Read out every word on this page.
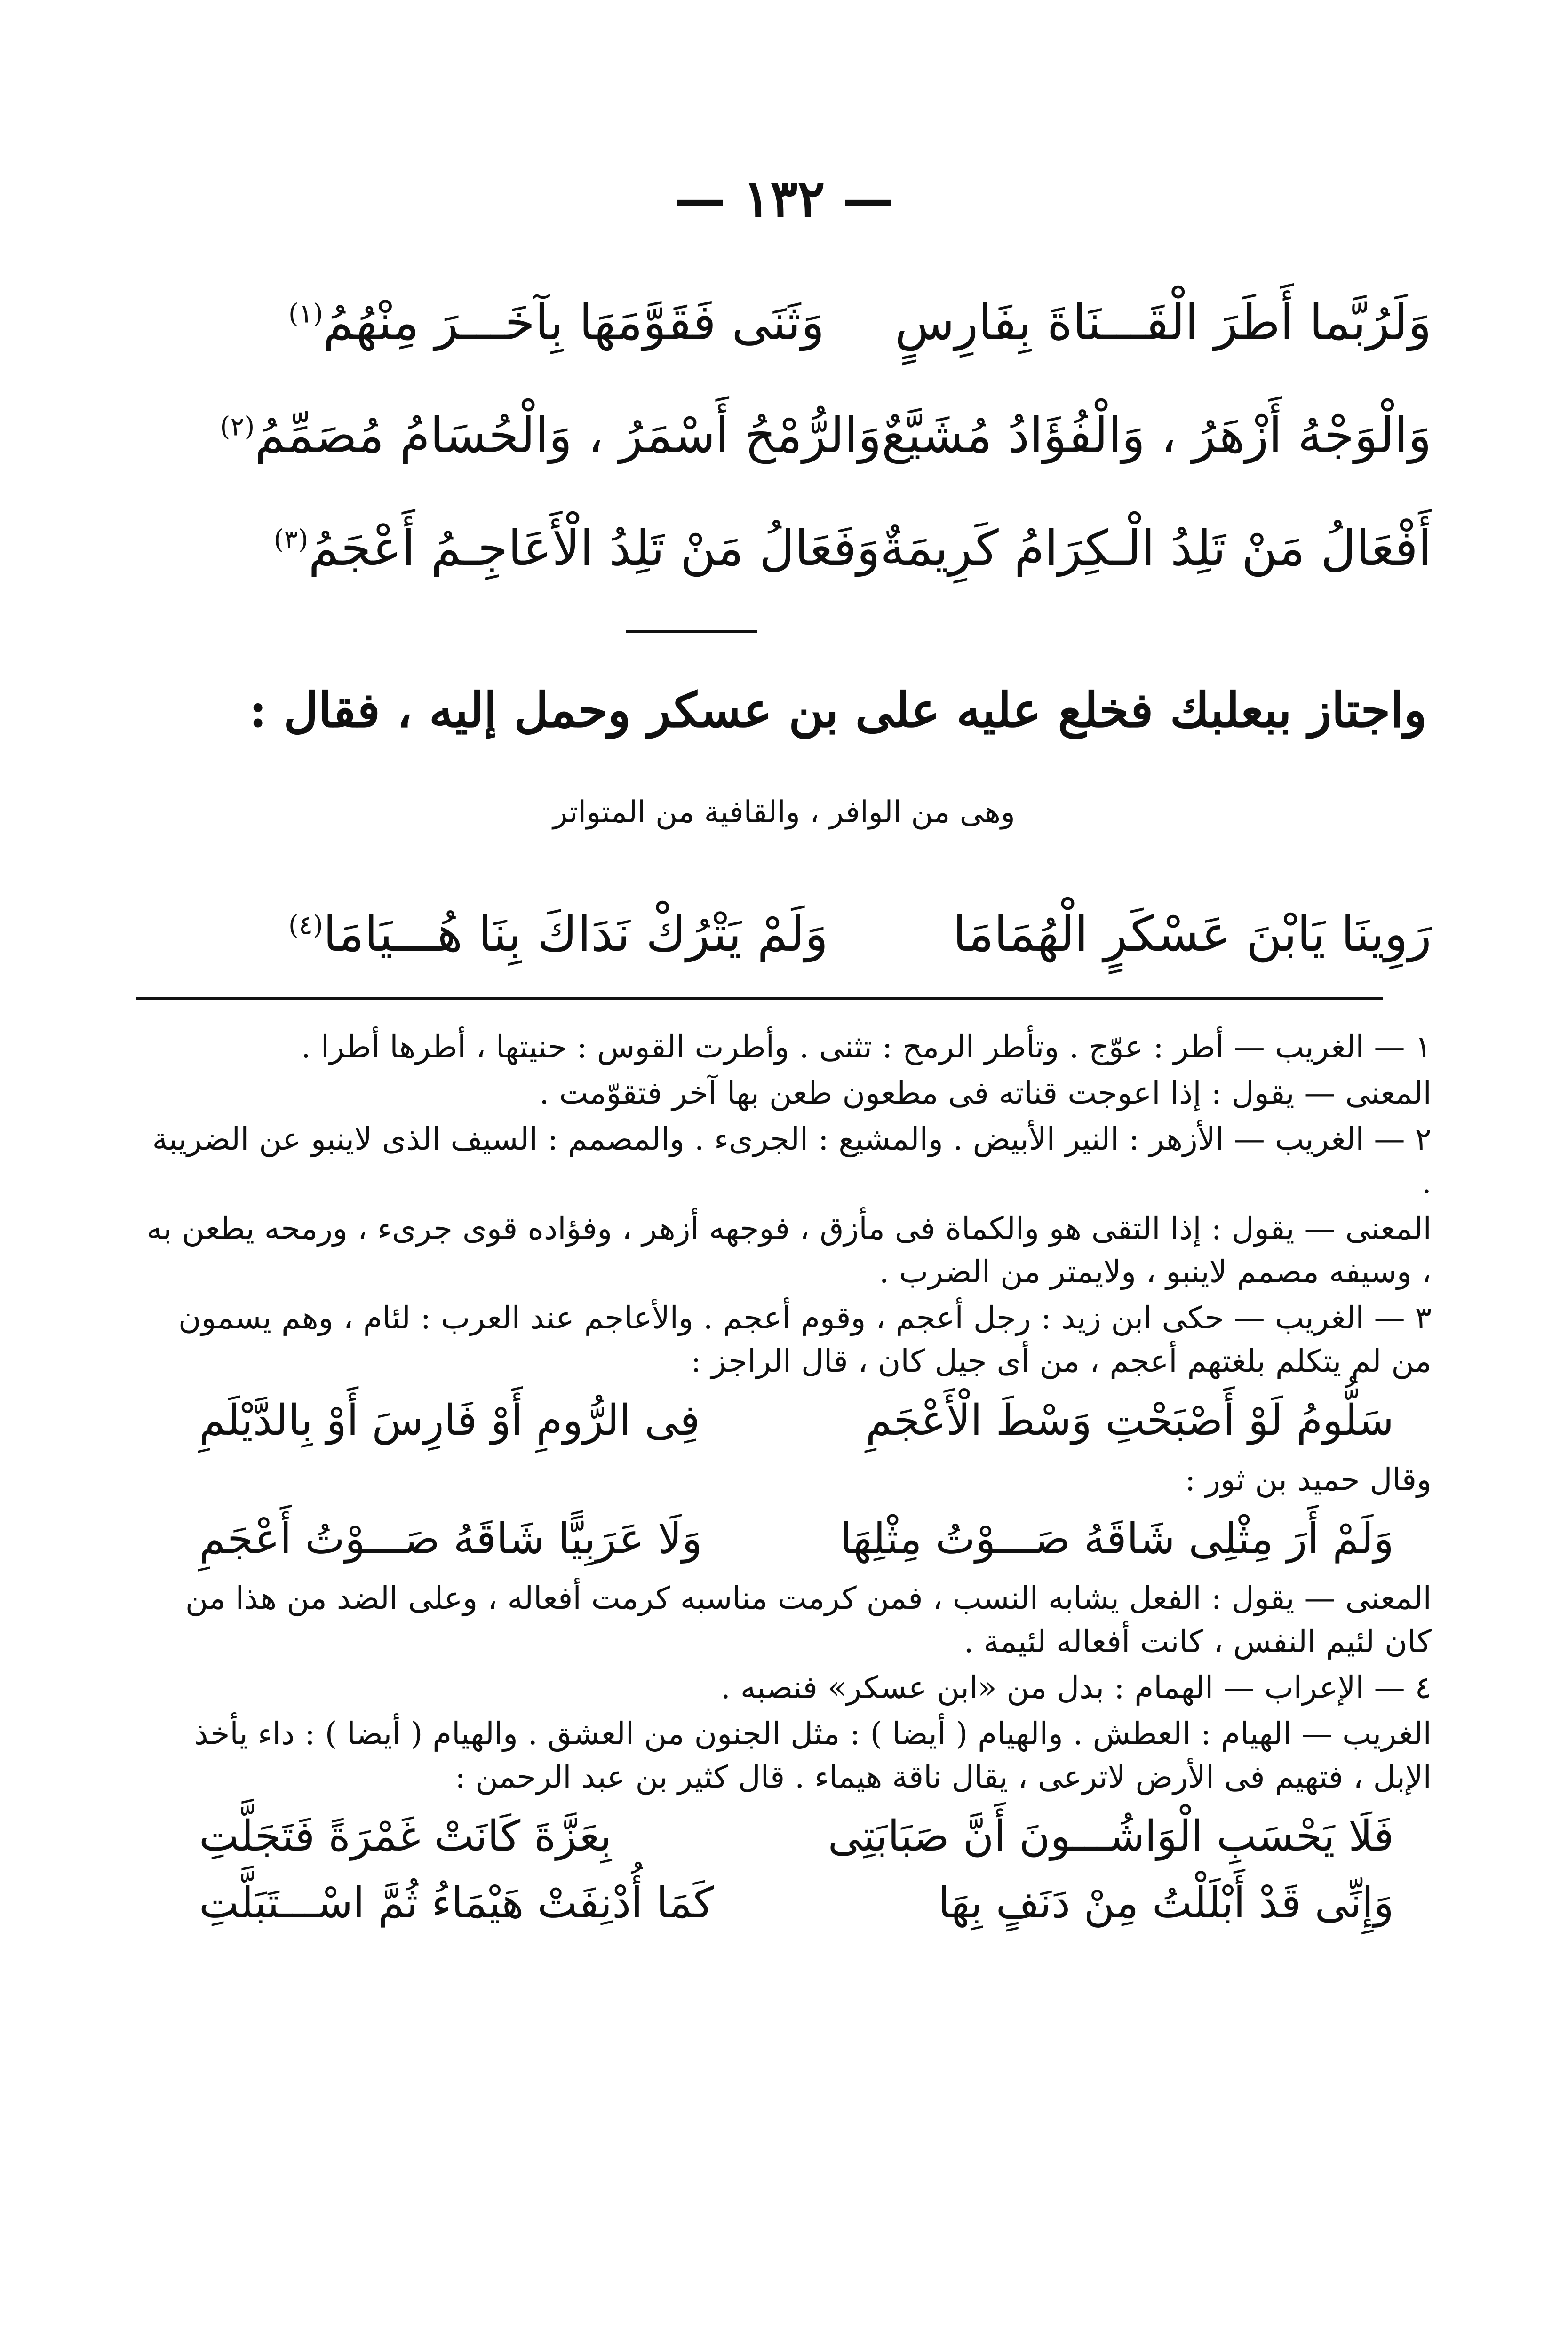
— ١٣٢ —
وَلَرُبَّما أَطَرَ الْقَـــنَاةَ بِفَارِسٍ
وَثَنَى فَقَوَّمَهَا بِآخَـــرَ مِنْهُمُ$^{(١)}$
وَالْوَجْهُ أَزْهَرُ ، وَالْفُؤَادُ مُشَيَّعٌ
وَالرُّمْحُ أَسْمَرُ ، وَالْحُسَامُ مُصَمِّمُ$^{(٢)}$
أَفْعَالُ مَنْ تَلِدُ الْـكِرَامُ كَرِيمَةٌ
وَفَعَالُ مَنْ تَلِدُ الْأَعَاجِـمُ أَعْجَمُ$^{(٣)}$
واجتاز ببعلبك فخلع عليه على بن عسكر وحمل إليه ، فقال :
وهى من الوافر ، والقافية من المتواتر
رَوِينَا يَابْنَ عَسْكَرٍ الْهُمَامَا
وَلَمْ يَتْرُكْ نَدَاكَ بِنَا هُـــيَامَا$^{(٤)}$

١ — الغريب — أطر : عوّج . وتأطر الرمح : تثنى . وأطرت القوس : حنيتها ، أطرها أطرا .

المعنى — يقول : إذا اعوجت قناته فى مطعون طعن بها آخر فتقوّمت .

٢ — الغريب — الأزهر : النير الأبيض . والمشيع : الجرىء . والمصمم : السيف الذى لاينبو عن الضريبة .

المعنى — يقول : إذا التقى هو والكماة فى مأزق ، فوجهه أزهر ، وفؤاده قوى جرىء ، ورمحه يطعن به ، وسيفه مصمم لاينبو ، ولايمتر من الضرب .

٣ — الغريب — حكى ابن زيد : رجل أعجم ، وقوم أعجم . والأعاجم عند العرب : لئام ، وهم يسمون من لم يتكلم بلغتهم أعجم ، من أى جيل كان ، قال الراجز :

سَلُّومُ لَوْ أَصْبَحْتِ وَسْطَ الْأَعْجَمِ
فِى الرُّومِ أَوْ فَارِسَ أَوْ بِالدَّيْلَمِ

وقال حميد بن ثور :

وَلَمْ أَرَ مِثْلِى شَاقَهُ صَـــوْتُ مِثْلِهَا
وَلَا عَرَبِيًّا شَاقَهُ صَـــوْتُ أَعْجَمِ

المعنى — يقول : الفعل يشابه النسب ، فمن كرمت مناسبه كرمت أفعاله ، وعلى الضد من هذا من كان لئيم النفس ، كانت أفعاله لئيمة .

٤ — الإعراب — الهمام : بدل من «ابن عسكر» فنصبه .

الغريب — الهيام : العطش . والهيام ( أيضا ) : مثل الجنون من العشق . والهيام ( أيضا ) : داء يأخذ الإبل ، فتهيم فى الأرض لاترعى ، يقال ناقة هيماء . قال كثير بن عبد الرحمن :

فَلَا يَحْسَبِ الْوَاشُـــونَ أَنَّ صَبَابَتِى
بِعَزَّةَ كَانَتْ غَمْرَةً فَتَجَلَّتِ
وَإِنِّى قَدْ أَبْلَلْتُ مِنْ دَنَفٍ بِهَا
كَمَا أُدْنِفَتْ هَيْمَاءُ ثُمَّ اسْـــتَبَلَّتِ
